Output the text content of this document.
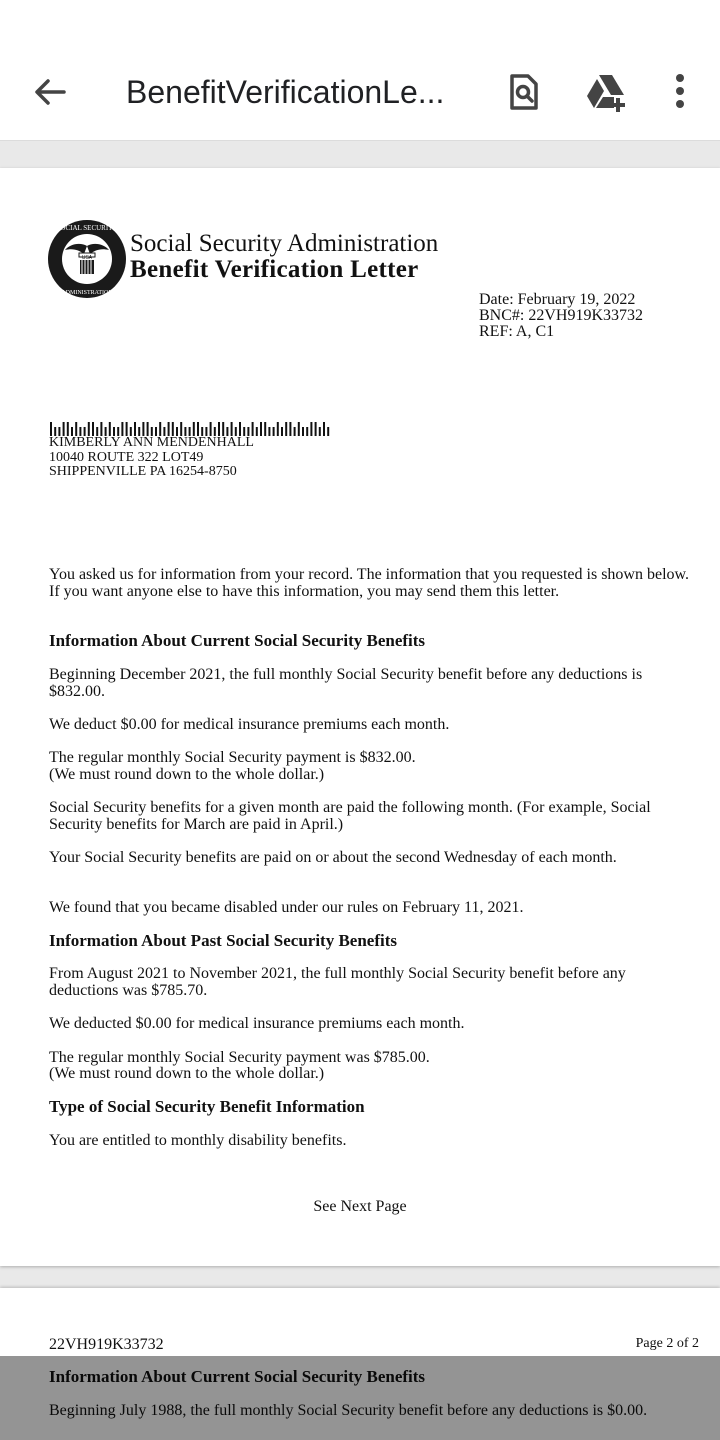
BenefitVerificationLe...
USA
SOCIAL SECURITY
ADMINISTRATION
Social Security Administration
Benefit Verification Letter
Date: February 19, 2022
BNC#: 22VH919K33732
REF: A, C1
KIMBERLY ANN MENDENHALL
10040 ROUTE 322 LOT49
SHIPPENVILLE PA 16254-8750
You asked us for information from your record. The information that you requested is shown below. If you want anyone else to have this information, you may send them this letter.
Information About Current Social Security Benefits
Beginning December 2021, the full monthly Social Security benefit before any deductions is $832.00.
We deduct $0.00 for medical insurance premiums each month.
The regular monthly Social Security payment is $832.00.
(We must round down to the whole dollar.)
Social Security benefits for a given month are paid the following month. (For example, Social Security benefits for March are paid in April.)
Your Social Security benefits are paid on or about the second Wednesday of each month.
We found that you became disabled under our rules on February 11, 2021.
Information About Past Social Security Benefits
From August 2021 to November 2021, the full monthly Social Security benefit before any deductions was $785.70.
We deducted $0.00 for medical insurance premiums each month.
The regular monthly Social Security payment was $785.00.
(We must round down to the whole dollar.)
Type of Social Security Benefit Information
You are entitled to monthly disability benefits.
See Next Page
22VH919K33732	Page 2 of 2
Information About Current Social Security Benefits
Beginning July 1988, the full monthly Social Security benefit before any deductions is $0.00.
